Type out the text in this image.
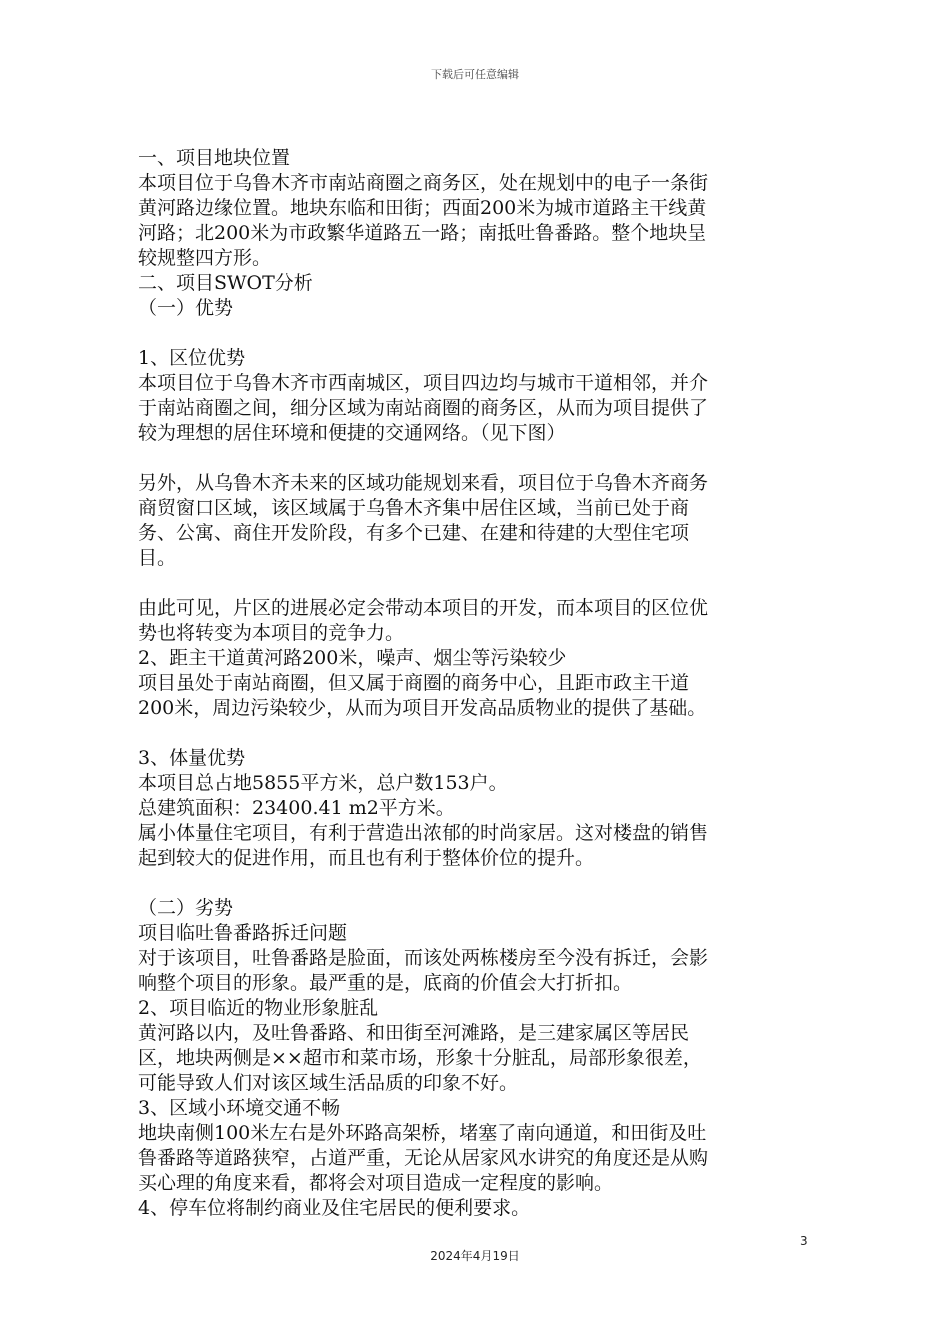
下载后可任意编辑
一、项目地块位置
本项目位于乌鲁木齐市南站商圈之商务区，处在规划中的电子一条街
黄河路边缘位置。地块东临和田街；西面200米为城市道路主干线黄
河路；北200米为市政繁华道路五一路；南抵吐鲁番路。整个地块呈
较规整四方形。
二、项目SWOT分析
（一）优势
1、区位优势
本项目位于乌鲁木齐市西南城区，项目四边均与城市干道相邻，并介
于南站商圈之间，细分区域为南站商圈的商务区，从而为项目提供了
较为理想的居住环境和便捷的交通网络。（见下图）
另外，从乌鲁木齐未来的区域功能规划来看，项目位于乌鲁木齐商务
商贸窗口区域，该区域属于乌鲁木齐集中居住区域，当前已处于商
务、公寓、商住开发阶段，有多个已建、在建和待建的大型住宅项
目。
由此可见，片区的进展必定会带动本项目的开发，而本项目的区位优
势也将转变为本项目的竞争力。
2、距主干道黄河路200米，噪声、烟尘等污染较少
项目虽处于南站商圈，但又属于商圈的商务中心，且距市政主干道
200米，周边污染较少，从而为项目开发高品质物业的提供了基础。
3、体量优势
本项目总占地5855平方米，总户数153户。
总建筑面积：23400.41 m2平方米。
属小体量住宅项目，有利于营造出浓郁的时尚家居。这对楼盘的销售
起到较大的促进作用，而且也有利于整体价位的提升。
（二）劣势
项目临吐鲁番路拆迁问题
对于该项目，吐鲁番路是脸面，而该处两栋楼房至今没有拆迁，会影
响整个项目的形象。最严重的是，底商的价值会大打折扣。
2、项目临近的物业形象脏乱
黄河路以内，及吐鲁番路、和田街至河滩路，是三建家属区等居民
区，地块两侧是××超市和菜市场，形象十分脏乱，局部形象很差，
可能导致人们对该区域生活品质的印象不好。
3、区域小环境交通不畅
地块南侧100米左右是外环路高架桥，堵塞了南向通道，和田街及吐
鲁番路等道路狭窄，占道严重，无论从居家风水讲究的角度还是从购
买心理的角度来看，都将会对项目造成一定程度的影响。
4、停车位将制约商业及住宅居民的便利要求。
3
2024年4月19日
